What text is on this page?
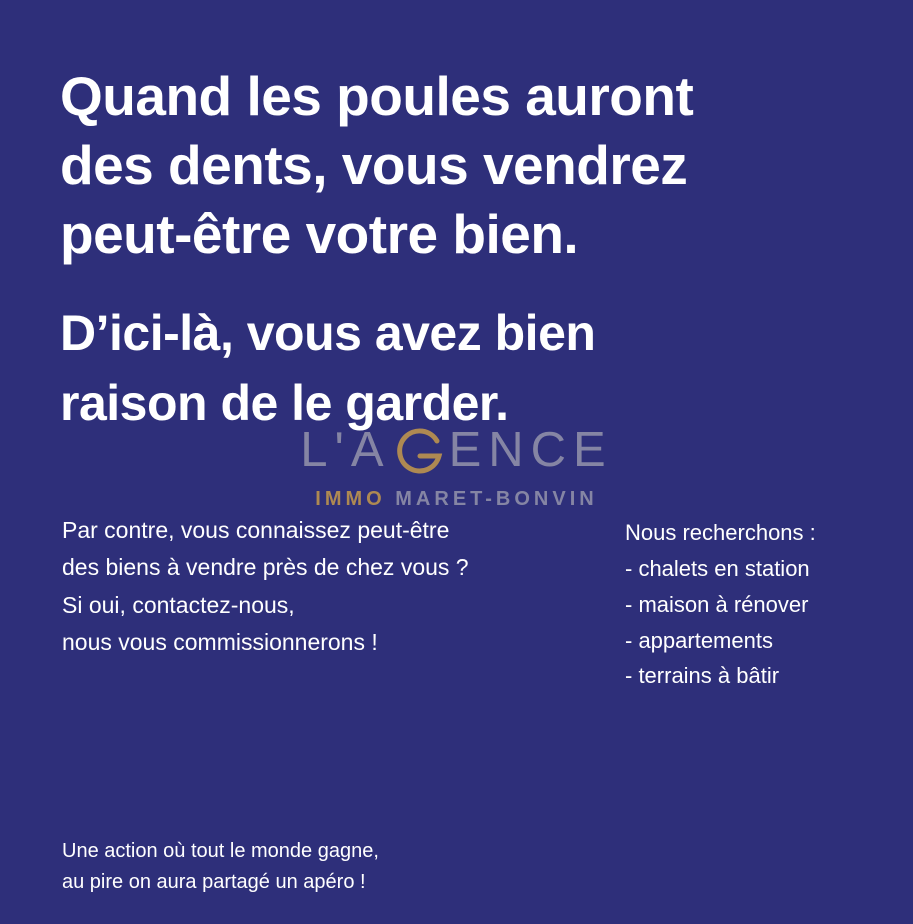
Quand les poules auront
des dents, vous vendrez
peut-être votre bien.
D’ici-là, vous avez bien
raison de le garder.
L'A ENCE
IMMO MARET-BONVIN
Par contre, vous connaissez peut-être
des biens à vendre près de chez vous ?
Si oui, contactez-nous,
nous vous commissionnerons !
Nous recherchons :
- chalets en station
- maison à rénover
- appartements
- terrains à bâtir
Une action où tout le monde gagne,
au pire on aura partagé un apéro !
